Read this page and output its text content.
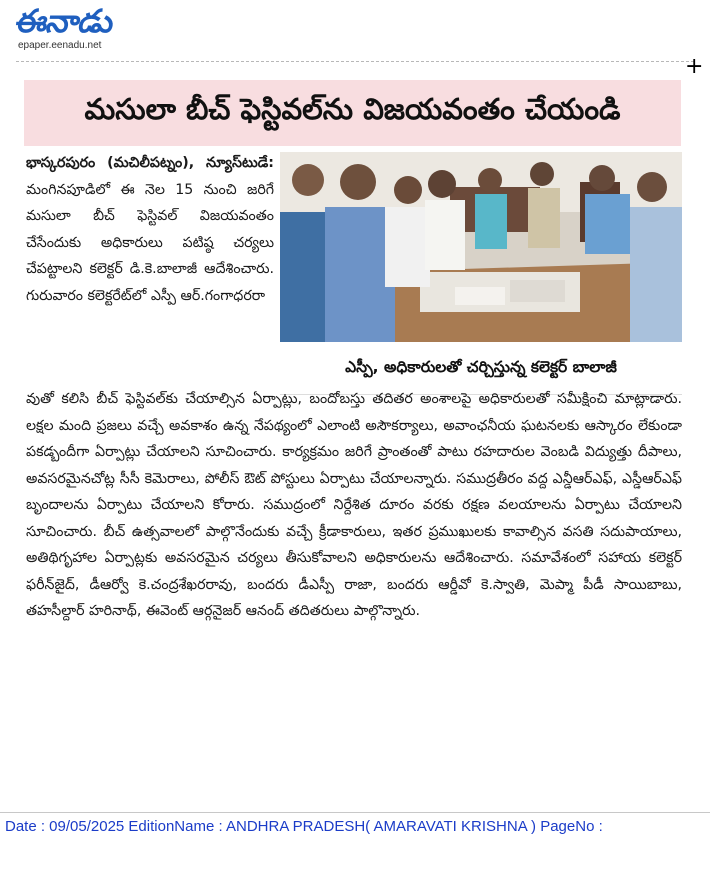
ఈనాడు
epaper.eenadu.net
+
మసులా బీచ్ ఫెస్టివల్‌ను విజయవంతం చేయండి
భాస్కరపురం (మచిలీపట్నం), న్యూస్‌టుడే: మంగినపూడిలో ఈ నెల 15 నుంచి జరిగే మసులా బీచ్ ఫెస్టివల్ విజయవంతం చేసేందుకు అధికారులు పటిష్ఠ చర్యలు చేపట్టాలని కలెక్టర్ డి.కె.బాలాజీ ఆదేశించారు. గురువారం కలెక్టరేట్‌లో ఎస్పీ ఆర్.గంగాధరరా
ఎస్పీ, అధికారులతో చర్చిస్తున్న కలెక్టర్ బాలాజీ
వుతో కలిసి బీచ్ ఫెస్టివల్‌కు చేయాల్సిన ఏర్పాట్లు, బందోబస్తు తదితర అంశాలపై అధికారులతో సమీక్షించి మాట్లాడారు. లక్షల మంది ప్రజలు వచ్చే అవకాశం ఉన్న నేపథ్యంలో ఎలాంటి అసౌకర్యాలు, అవాంఛనీయ ఘటనలకు ఆస్కారం లేకుండా పకడ్బందీగా ఏర్పాట్లు చేయాలని సూచించారు. కార్యక్రమం జరిగే ప్రాంతంతో పాటు రహదారుల వెంబడి విద్యుత్తు దీపాలు, అవసరమైనచోట్ల సీసీ కెమెరాలు, పోలీస్ ఔట్ పోస్టులు ఏర్పాటు చేయాలన్నారు. సముద్రతీరం వద్ద ఎన్డీఆర్ఎఫ్, ఎస్డీఆర్ఎఫ్ బృందాలను ఏర్పాటు చేయాలని కోరారు. సముద్రంలో నిర్దేశిత దూరం వరకు రక్షణ వలయాలను ఏర్పాటు చేయాలని సూచించారు. బీచ్ ఉత్సవాలలో పాల్గొనేందుకు వచ్చే క్రీడాకారులు, ఇతర ప్రముఖులకు కావాల్సిన వసతి సదుపాయాలు, అతిథిగృహాల ఏర్పాట్లకు అవసరమైన చర్యలు తీసుకోవాలని అధికారులను ఆదేశించారు. సమావేశంలో సహాయ కలెక్టర్ ఫరీన్‌జైద్, డీఆర్వో కె.చంద్రశేఖరరావు, బందరు డీఎస్పీ రాజా, బందరు ఆర్డీవో కె.స్వాతి, మెప్మా పీడీ సాయిబాబు, తహసీల్దార్ హరినాథ్, ఈవెంట్ ఆర్గనైజర్ ఆనంద్ తదితరులు పాల్గొన్నారు.
Date : 09/05/2025 EditionName : ANDHRA PRADESH( AMARAVATI KRISHNA ) PageNo :
